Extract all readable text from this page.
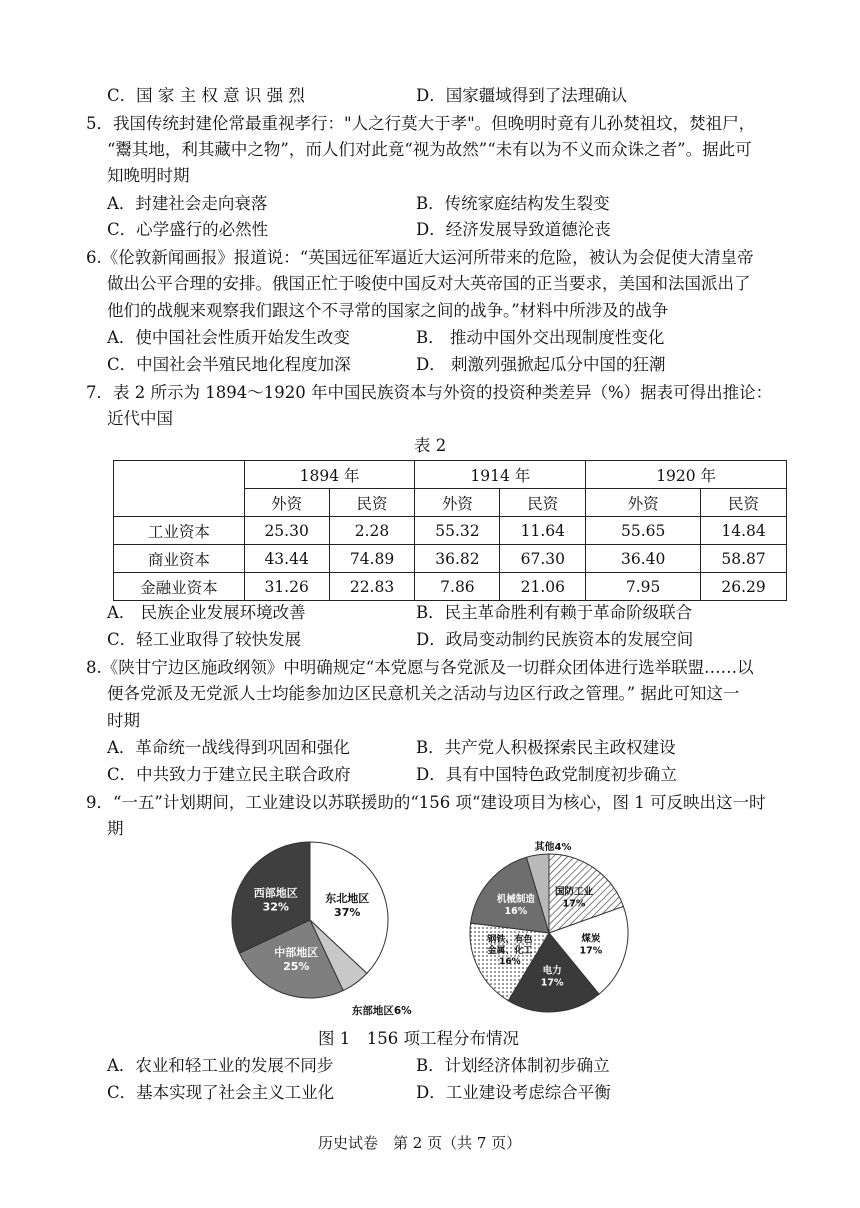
C．国 家 主 权 意 识 强 烈	D．国家疆域得到了法理确认
5．我国传统封建伦常最重视孝行："人之行莫大于孝"。但晚明时竟有儿孙焚祖坟，焚祖尸，
“鬻其地，利其藏中之物”，而人们对此竟“视为故然”“未有以为不义而众诛之者”。据此可
知晚明时期
A．封建社会走向衰落	B．传统家庭结构发生裂变
C．心学盛行的必然性	D．经济发展导致道德沦丧
6.《伦敦新闻画报》报道说：“英国远征军逼近大运河所带来的危险，被认为会促使大清皇帝
做出公平合理的安排。俄国正忙于唆使中国反对大英帝国的正当要求，美国和法国派出了
他们的战舰来观察我们跟这个不寻常的国家之间的战争。”材料中所涉及的战争
A．使中国社会性质开始发生改变	B． 推动中国外交出现制度性变化
C．中国社会半殖民地化程度加深	D． 刺激列强掀起瓜分中国的狂潮
7．表 2 所示为 1894～1920 年中国民族资本与外资的投资种类差异（%）据表可得出推论：
近代中国
表 2
	1894 年		1914 年		1920 年	
	外资	民资	外资	民资	外资	民资
工业资本	25.30	2.28	55.32	11.64	55.65	14.84
商业资本	43.44	74.89	36.82	67.30	36.40	58.87
金融业资本	31.26	22.83	7.86	21.06	7.95	26.29
A． 民族企业发展环境改善	B．民主革命胜利有赖于革命阶级联合
C．轻工业取得了较快发展	D．政局变动制约民族资本的发展空间
8.《陕甘宁边区施政纲领》中明确规定“本党愿与各党派及一切群众团体进行选举联盟……以
便各党派及无党派人士均能参加边区民意机关之活动与边区行政之管理。” 据此可知这一
时期
A．革命统一战线得到巩固和强化	B．共产党人积极探索民主政权建设
C．中共致力于建立民主联合政府	D．具有中国特色政党制度初步确立
9．“一五”计划期间，工业建设以苏联援助的“156 项“建设项目为核心，图 1 可反映出这一时
期
东北地区
37%
东部地区6%
中部地区
25%
西部地区
32%
国防工业
17%
煤炭
17%
电力
17%
钢铁、有色
金属、化工
16%
机械制造
16%
其他4%
图 1　156 项工程分布情况
A．农业和轻工业的发展不同步	B．计划经济体制初步确立
C．基本实现了社会主义工业化	D．工业建设考虑综合平衡
历史试卷　第 2 页（共 7 页）
